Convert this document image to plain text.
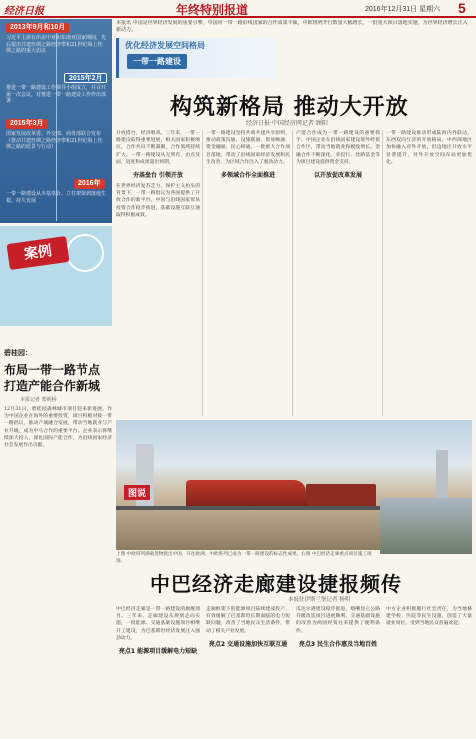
经济日报	年终特别报道	2016年12月31日 星期六 5
2013年9月和10月
习近平主席在出访中亚和东南亚国家期间，先后提出共建丝绸之路经济带和21世纪海上丝绸之路的重大倡议
2015年2月
推进一带一路建设工作领导小组成立，并召开第一次会议，对推进一带一路建设工作作出部署
2015年3月
国家发展改革委、外交部、商务部联合发布《推动共建丝绸之路经济带和21世纪海上丝绸之路的愿景与行动》
2016年
一带一路建设从夯基垒台、立柱架梁到落地生根、持久发展
本报讯 中国是世界经济发展的重要引擎。中国同一带一路沿线国家的合作成果丰硕，中欧班列开行数量大幅增长，一批重大项目落地实施，为世界经济增长注入新动力。
优化经济发展空间格局
一带一路建设
构筑新格局 推动大开放
经济日报·中国经济网记者 顾阳

开放搭台，经济唱戏。三年来，一带一路建设取得重要进展，相关国家积极响应，合作共识不断凝聚，合作领域持续扩大。一带一路建设从无到有、由点及面，进度和成果超出预期。

夯基垒台 引领开放

在世界经济复苏乏力、保护主义抬头的背景下，一带一路倡议为各国提供了开放合作的新平台。中国与沿线国家贸易投资合作稳步推进，基础设施互联互通取得积极成效。

一带一路建设坚持共商共建共享原则，推动政策沟通、设施联通、贸易畅通、资金融通、民心相通。一批重大合作项目落地，带动了沿线国家经济发展和民生改善，为区域合作注入了强劲动力。

多领域合作全面推进

产能合作成为一带一路建设的重要抓手。中国企业在沿线国家建设境外经贸合作区，带动当地就业和税收增长。金融合作不断深化，亚投行、丝路基金等为项目建设提供资金支持。

以开放促改革发展

一带一路建设推动形成陆海内外联动、东西双向互济的开放格局。中西部地区加快融入对外开放，沿边地区开放水平显著提升，对外开放空间布局更加优化。

案例
碧桂园：
布局一带一路节点 打造产能合作新城
本报记者 郑明桥
12月31日，碧桂园森林城市项目迎来新进展。作为中国企业在海外的重要投资，项目积极对接一带一路倡议，推动产城融合发展，带动当地就业与产业升级，成为中马合作的重要平台。企业表示将继续加大投入，深化国际产能合作，为沿线国家经济社会发展作出贡献。
图说
上图 中欧班列满载货物驶出中国，开往欧洲。中欧班列已成为一带一路建设的标志性成果。右图 中巴经济走廊重点项目施工现场。
中巴经济走廊建设捷报频传
本报驻伊斯兰堡记者 杨明

中巴经济走廊是一带一路建设的旗舰项目。三年来，走廊建设从规划走向实施，一批能源、交通基础设施项目相继开工建设，为巴基斯坦经济发展注入强劲动力。

亮点1 能源项目缓解电力短缺

走廊框架下的能源项目陆续建成投产，有效缓解了巴基斯坦长期面临的电力短缺问题，改善了当地民众生活条件，带动了相关产业发展。

亮点2 交通设施加快互联互通

瓜达尔港建设稳步推进，喀喇昆仑公路升级改造项目进展顺利。交通基础设施的改善为两国经贸往来提供了便利条件。

亮点3 民生合作惠及当地百姓

中方企业积极履行社会责任，为当地修建学校、医院等民生设施，创造了大量就业岗位，受到当地民众普遍欢迎。
